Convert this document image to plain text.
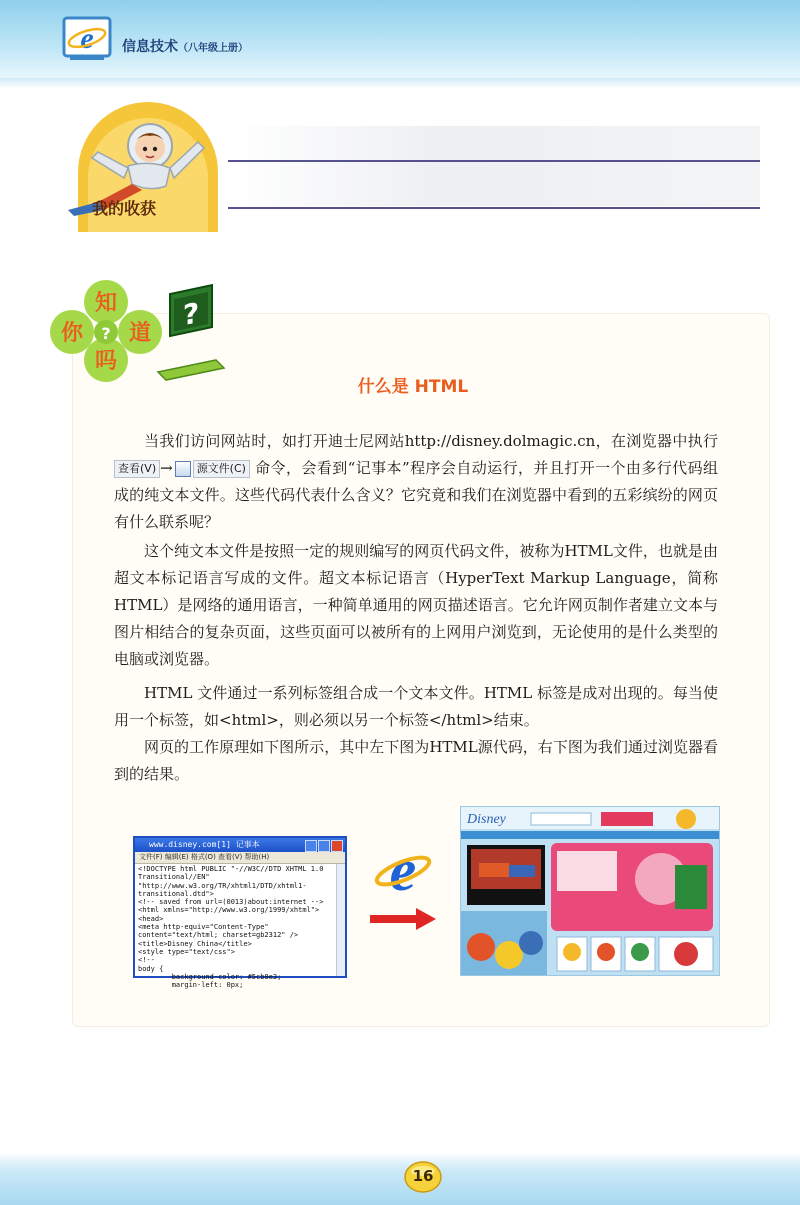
e 信息技术（八年级上册）
我的收获
知
你 道
吗
?
?
什么是 HTML

当我们访问网站时，如打开迪士尼网站http://disney.dolmagic.cn，在浏览器中执行 查看(V) → 源文件(C) 命令，会看到“记事本”程序会自动运行，并且打开一个由多行代码组成的纯文本文件。这些代码代表什么含义？它究竟和我们在浏览器中看到的五彩缤纷的网页有什么联系呢？

这个纯文本文件是按照一定的规则编写的网页代码文件，被称为HTML文件，也就是由超文本标记语言写成的文件。超文本标记语言（HyperText Markup Language，简称HTML）是网络的通用语言，一种简单通用的网页描述语言。它允许网页制作者建立文本与图片相结合的复杂页面，这些页面可以被所有的上网用户浏览到，无论使用的是什么类型的电脑或浏览器。

HTML 文件通过一系列标签组合成一个文本文件。HTML 标签是成对出现的。每当使用一个标签，如<html>，则必须以另一个标签</html>结束。

网页的工作原理如下图所示，其中左下图为HTML源代码，右下图为我们通过浏览器看到的结果。

www.disney.com[1] 记事本
文件(F) 编辑(E) 格式(O) 查看(V) 帮助(H)
<!DOCTYPE html PUBLIC "-//W3C//DTD XHTML 1.0
Transitional//EN"
"http://www.w3.org/TR/xhtml1/DTD/xhtml1-
transitional.dtd">
<!-- saved from url=(0013)about:internet -->
<html xmlns="http://www.w3.org/1999/xhtml">
<head>
<meta http-equiv="Content-Type"
content="text/html; charset=gb2312" />
<title>Disney China</title>
<style type="text/css">
<!--
body {
background-color: #5cb8e3;
margin-left: 0px;
e
Disney
16
